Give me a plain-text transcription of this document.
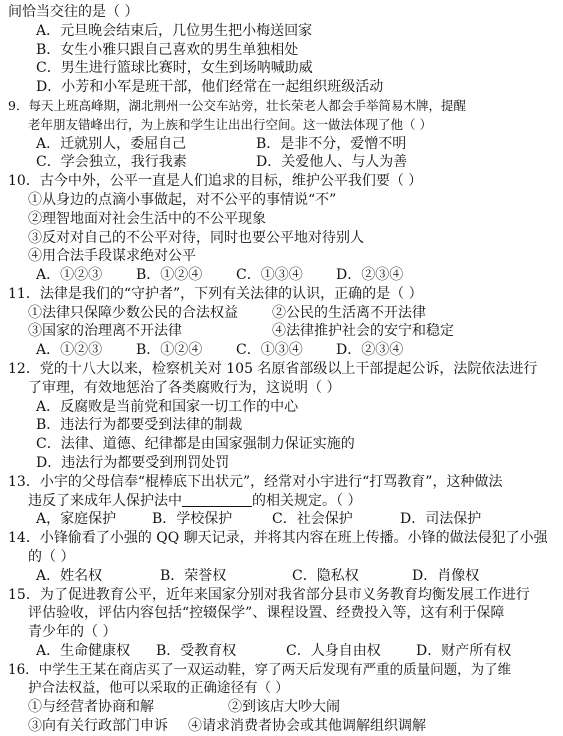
间恰当交往的是（ ）
A．元旦晚会结束后，几位男生把小梅送回家
B．女生小雅只跟自己喜欢的男生单独相处
C．男生进行篮球比赛时，女生到场呐喊助威
D．小芳和小军是班干部，他们经常在一起组织班级活动
9．每天上班高峰期，湖北荆州一公交车站旁，壮长荣老人都会手举简易木牌，提醒
老年朋友错峰出行，为上族和学生让出出行空间。这一做法体现了他（ ）
A．迁就别人，委屈自己	B．是非不分，爱憎不明
C．学会独立，我行我素	D．关爱他人、与人为善
10．古今中外，公平一直是人们追求的目标，维护公平我们要（ ）
①从身边的点滴小事做起，对不公平的事情说“不”
②理智地面对社会生活中的不公平现象
③反对对自己的不公平对待，同时也要公平地对待别人
④用合法手段谋求绝对公平
A．①②③ B．①②④ C．①③④ D．②③④
11．法律是我们的“守护者”，下列有关法律的认识，正确的是（ ）
①法律只保障少数公民的合法权益 ②公民的生活离不开法律
③国家的治理离不开法律	④法律推护社会的安宁和稳定
A．①②③ B．①②④ C．①③④ D．②③④
12．党的十八大以来，检察机关对 105 名原省部级以上干部提起公诉，法院依法进行
了审理，有效地惩治了各类腐败行为，这说明（ ）
A．反腐败是当前党和国家一切工作的中心
B．违法行为都要受到法律的制裁
C．法律、道德、纪律都是由国家强制力保证实施的
D．违法行为都要受到刑罚处罚
13．小宇的父母信奉“棍棒底下出状元”，经常对小宇进行“打骂教育”，这种做法
违反了来成年人保护法中	的相关规定。（ ）
A，家庭保护	B．学校保护	C．社会保护	D．司法保护
14．小锋偷看了小强的 QQ 聊天记录，并将其内容在班上传播。小锋的做法侵犯了小强
的（ ）
A．姓名权	B．荣誉权	C．隐私权	D．肖像权
15．为了促进教育公平，近年来国家分别对我省部分县市义务教育均衡发展工作进行
评估验收，评估内容包括“控辍保学”、课程设置、经费投入等，这有利于保障
青少年的（ ）
A．生命健康权 B．受教育权	C．人身自由权	D．财产所有权
16．中学生王某在商店买了一双运动鞋，穿了两天后发现有严重的质量问题，为了维
护合法权益，他可以采取的正确途径有（ ）
①与经营者协商和解	②到该店大吵大闹
③向有关行政部门申诉 ④请求消费者协会或其他调解组织调解
